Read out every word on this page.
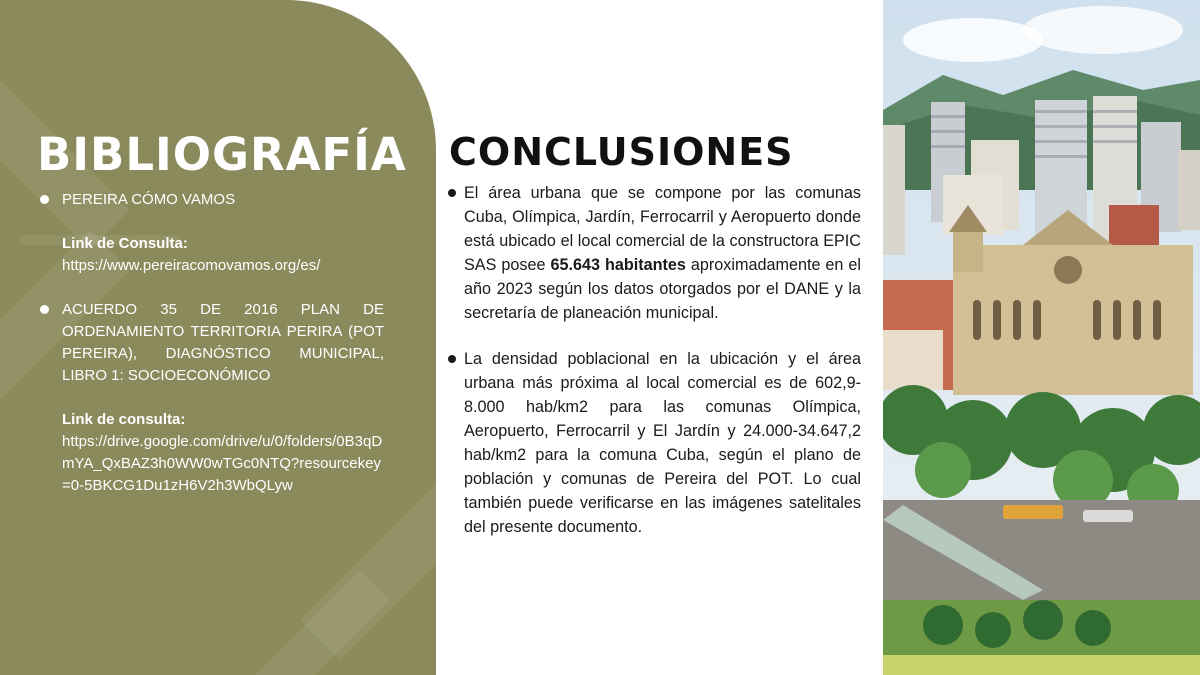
BIBLIOGRAFÍA
PEREIRA CÓMO VAMOS
Link de Consulta:
https://www.pereiracomovamos.org/es/
ACUERDO 35 DE 2016 PLAN DE ORDENAMIENTO TERRITORIA PERIRA (POT PEREIRA), DIAGNÓSTICO MUNICIPAL, LIBRO 1: SOCIOECONÓMICO
Link de consulta:
https://drive.google.com/drive/u/0/folders/0B3qDmYA_QxBAZ3h0WW0wTGc0NTQ?resourcekey=0-5BKCG1Du1zH6V2h3WbQLyw
CONCLUSIONES
El área urbana que se compone por las comunas Cuba, Olímpica, Jardín, Ferrocarril y Aeropuerto donde está ubicado el local comercial de la constructora EPIC SAS posee 65.643 habitantes aproximadamente en el año 2023 según los datos otorgados por el DANE y la secretaría de planeación municipal.
La densidad poblacional en la ubicación y el área urbana más próxima al local comercial es de 602,9-8.000 hab/km2 para las comunas Olímpica, Aeropuerto, Ferrocarril y El Jardín y 24.000-34.647,2 hab/km2 para la comuna Cuba, según el plano de población y comunas de Pereira del POT. Lo cual también puede verificarse en las imágenes satelitales del presente documento.
